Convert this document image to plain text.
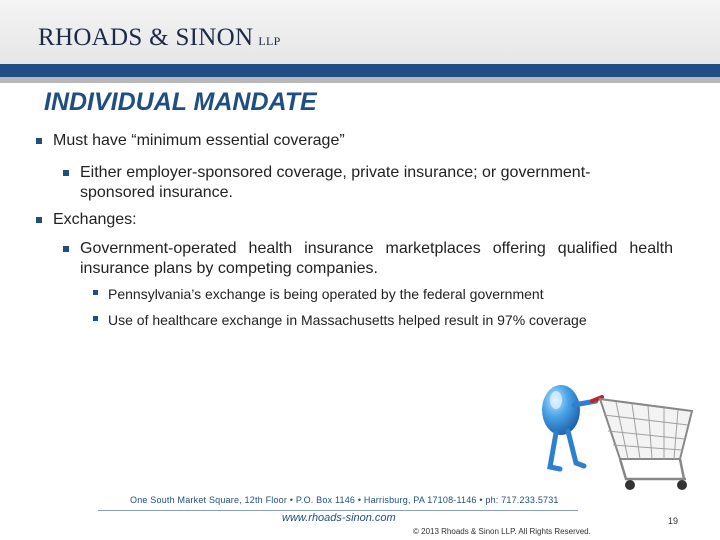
RHOADS & SINON LLP
INDIVIDUAL MANDATE
Must have “minimum essential coverage”
Either employer-sponsored coverage, private insurance; or government-sponsored insurance.
Exchanges:
Government-operated health insurance marketplaces offering qualified health insurance plans by competing companies.
Pennsylvania’s exchange is being operated by the federal government
Use of healthcare exchange in Massachusetts helped result in 97% coverage
One South Market Square, 12th Floor • P.O. Box 1146 • Harrisburg, PA 17108-1146 • ph: 717.233.5731
www.rhoads-sinon.com
© 2013 Rhoads & Sinon LLP. All Rights Reserved.
19
